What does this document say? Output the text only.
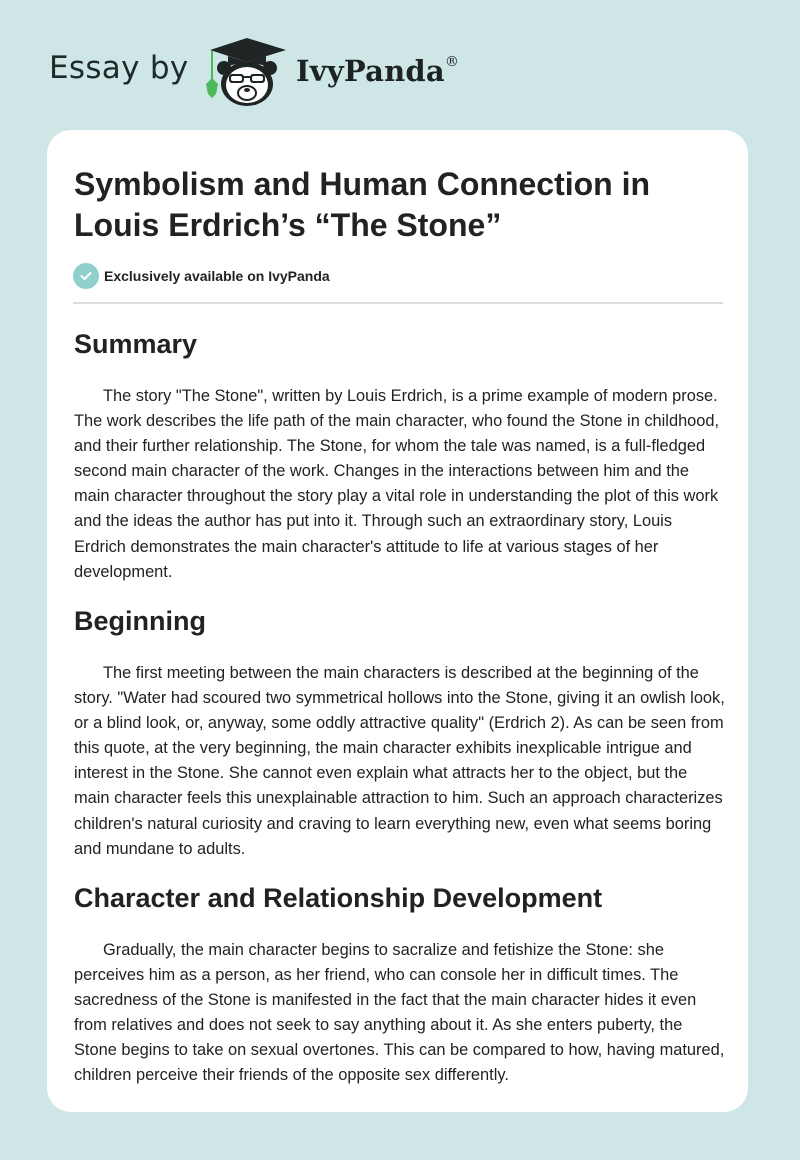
Essay by	IvyPanda®
Symbolism and Human Connection in Louis Erdrich’s “The Stone”
Exclusively available on IvyPanda
Summary

The story "The Stone", written by Louis Erdrich, is a prime example of modern prose. The work describes the life path of the main character, who found the Stone in childhood, and their further relationship. The Stone, for whom the tale was named, is a full-fledged second main character of the work. Changes in the interactions between him and the main character throughout the story play a vital role in understanding the plot of this work and the ideas the author has put into it. Through such an extraordinary story, Louis Erdrich demonstrates the main character's attitude to life at various stages of her development.

Beginning

The first meeting between the main characters is described at the beginning of the story. "Water had scoured two symmetrical hollows into the Stone, giving it an owlish look, or a blind look, or, anyway, some oddly attractive quality" (Erdrich 2). As can be seen from this quote, at the very beginning, the main character exhibits inexplicable intrigue and interest in the Stone. She cannot even explain what attracts her to the object, but the main character feels this unexplainable attraction to him. Such an approach characterizes children's natural curiosity and craving to learn everything new, even what seems boring and mundane to adults.

Character and Relationship Development

Gradually, the main character begins to sacralize and fetishize the Stone: she perceives him as a person, as her friend, who can console her in difficult times. The sacredness of the Stone is manifested in the fact that the main character hides it even from relatives and does not seek to say anything about it. As she enters puberty, the Stone begins to take on sexual overtones. This can be compared to how, having matured, children perceive their friends of the opposite sex differently.
